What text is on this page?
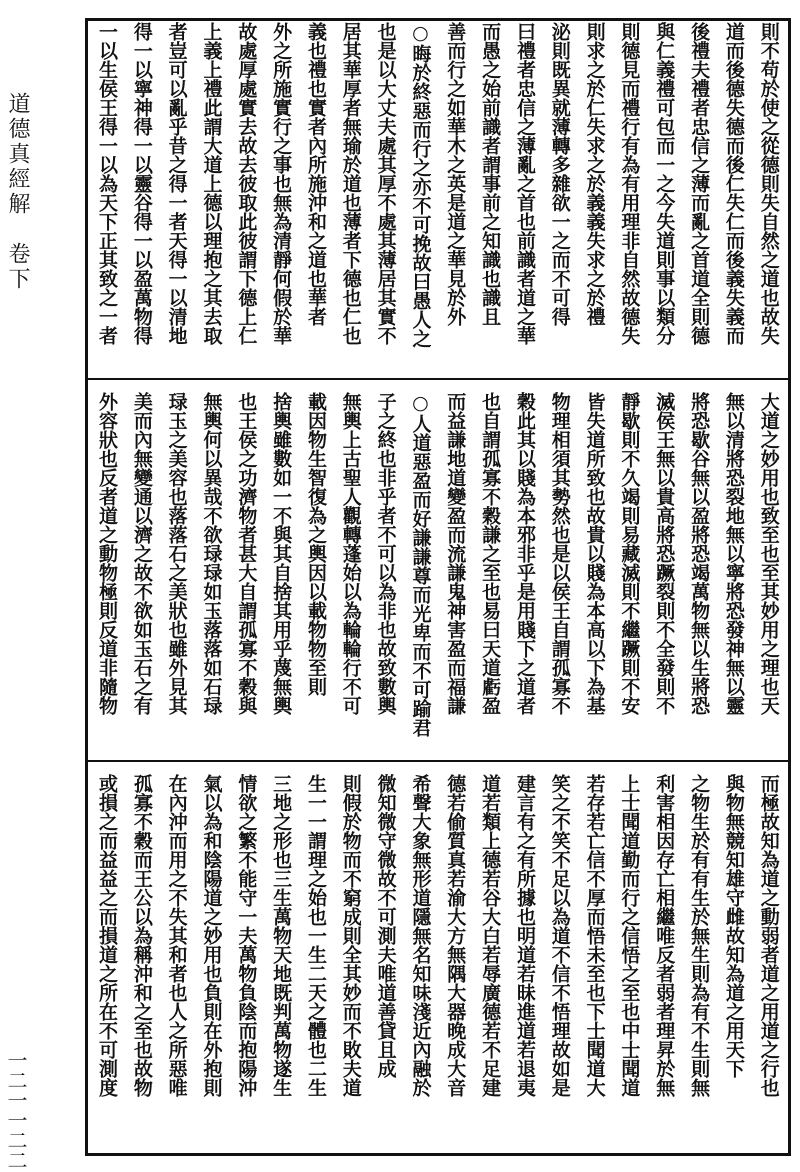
道德真經解　卷下
一二一一二二
則不苟於使之從德則失自然之道也故失
道而後德失德而後仁失仁而後義失義而
後禮夫禮者忠信之薄而亂之首道全則德
與仁義禮可包而一之今失道則事以類分
則德見而禮行有為有用理非自然故德失
則求之於仁失求之於義義失求之於禮
泌則既異就薄轉多雜欲一之而不可得
曰禮者忠信之薄亂之首也前識者道之華
而愚之始前識者謂事前之知識也識且
善而行之如華木之英是道之華見於外
○晦於終惡而行之亦不可挽故曰愚人之
也是以大丈夫處其厚不處其薄居其實不
居其華厚者無瑜於道也薄者下德也仁也
義也禮也實者內所施沖和之道也華者
外之所施實行之事也無為清靜何假於華
故處厚處實去故去彼取此彼謂下德上仁
上義上禮此謂大道上德以理抱之其去取
者豈可以亂乎昔之得一者天得一以清地
得一以寧神得一以靈谷得一以盈萬物得
一以生侯王得一以為天下正其致之一者
大道之妙用也致至也至其妙用之理也天
無以清將恐裂地無以寧將恐發神無以靈
將恐歇谷無以盈將恐竭萬物無以生將恐
滅侯王無以貴高將恐蹶裂則不全發則不
靜歇則不久竭則易藏滅則不繼蹶則不安
皆失道所致也故貴以賤為本高以下為基
物理相須其勢然也是以侯王自謂孤寡不
穀此其以賤為本邪非乎是用賤下之道者
也自謂孤寡不穀謙之至也易曰天道虧盈
而益謙地道變盈而流謙鬼神害盈而福謙
○人道惡盈而好謙謙尊而光卑而不可踰君
子之終也非乎者不可以為非也故致數輿
無輿上古聖人觀轉蓬始以為輪輪行不可
載因物生智復為之輿因以載物物至則
捨輿雖數如一不與其自捨其用乎蔑無輿
也王侯之功濟物者甚大自謂孤寡不穀與
無輿何以異哉不欲琭琭如玉落落如石琭
琭玉之美容也落落石之美狀也雖外見其
美而內無變通以濟之故不欲如玉石之有
外容狀也反者道之動物極則反道非隨物
而極故知為道之動弱者道之用道之行也
與物無競知雄守雌故知為道之用天下
之物生於有有生於無生則為有不生則無
利害相因存亡相繼唯反者弱者理昇於無
上士聞道勤而行之信悟之至也中士聞道
若存若亡信不厚而悟未至也下士聞道大
笑之不笑不足以為道不信不悟理故如是
建言有之有所據也明道若昧進道若退夷
道若類上德若谷大白若辱廣德若不足建
德若偷質真若渝大方無隅大器晚成大音
希聲大象無形道隱無名知味淺近內融於
微知微守微故不可測夫唯道善貸且成
則假於物而不窮成則全其妙而不敗夫道
生一一謂理之始也一生二天之體也二生
三地之形也三生萬物天地既判萬物遂生
情欲之繁不能守一夫萬物負陰而抱陽沖
氣以為和陰陽道之妙用也負則在外抱則
在內沖而用之不失其和者也人之所惡唯
孤寡不穀而王公以為稱沖和之至也故物
或損之而益益之而損道之所在不可測度
